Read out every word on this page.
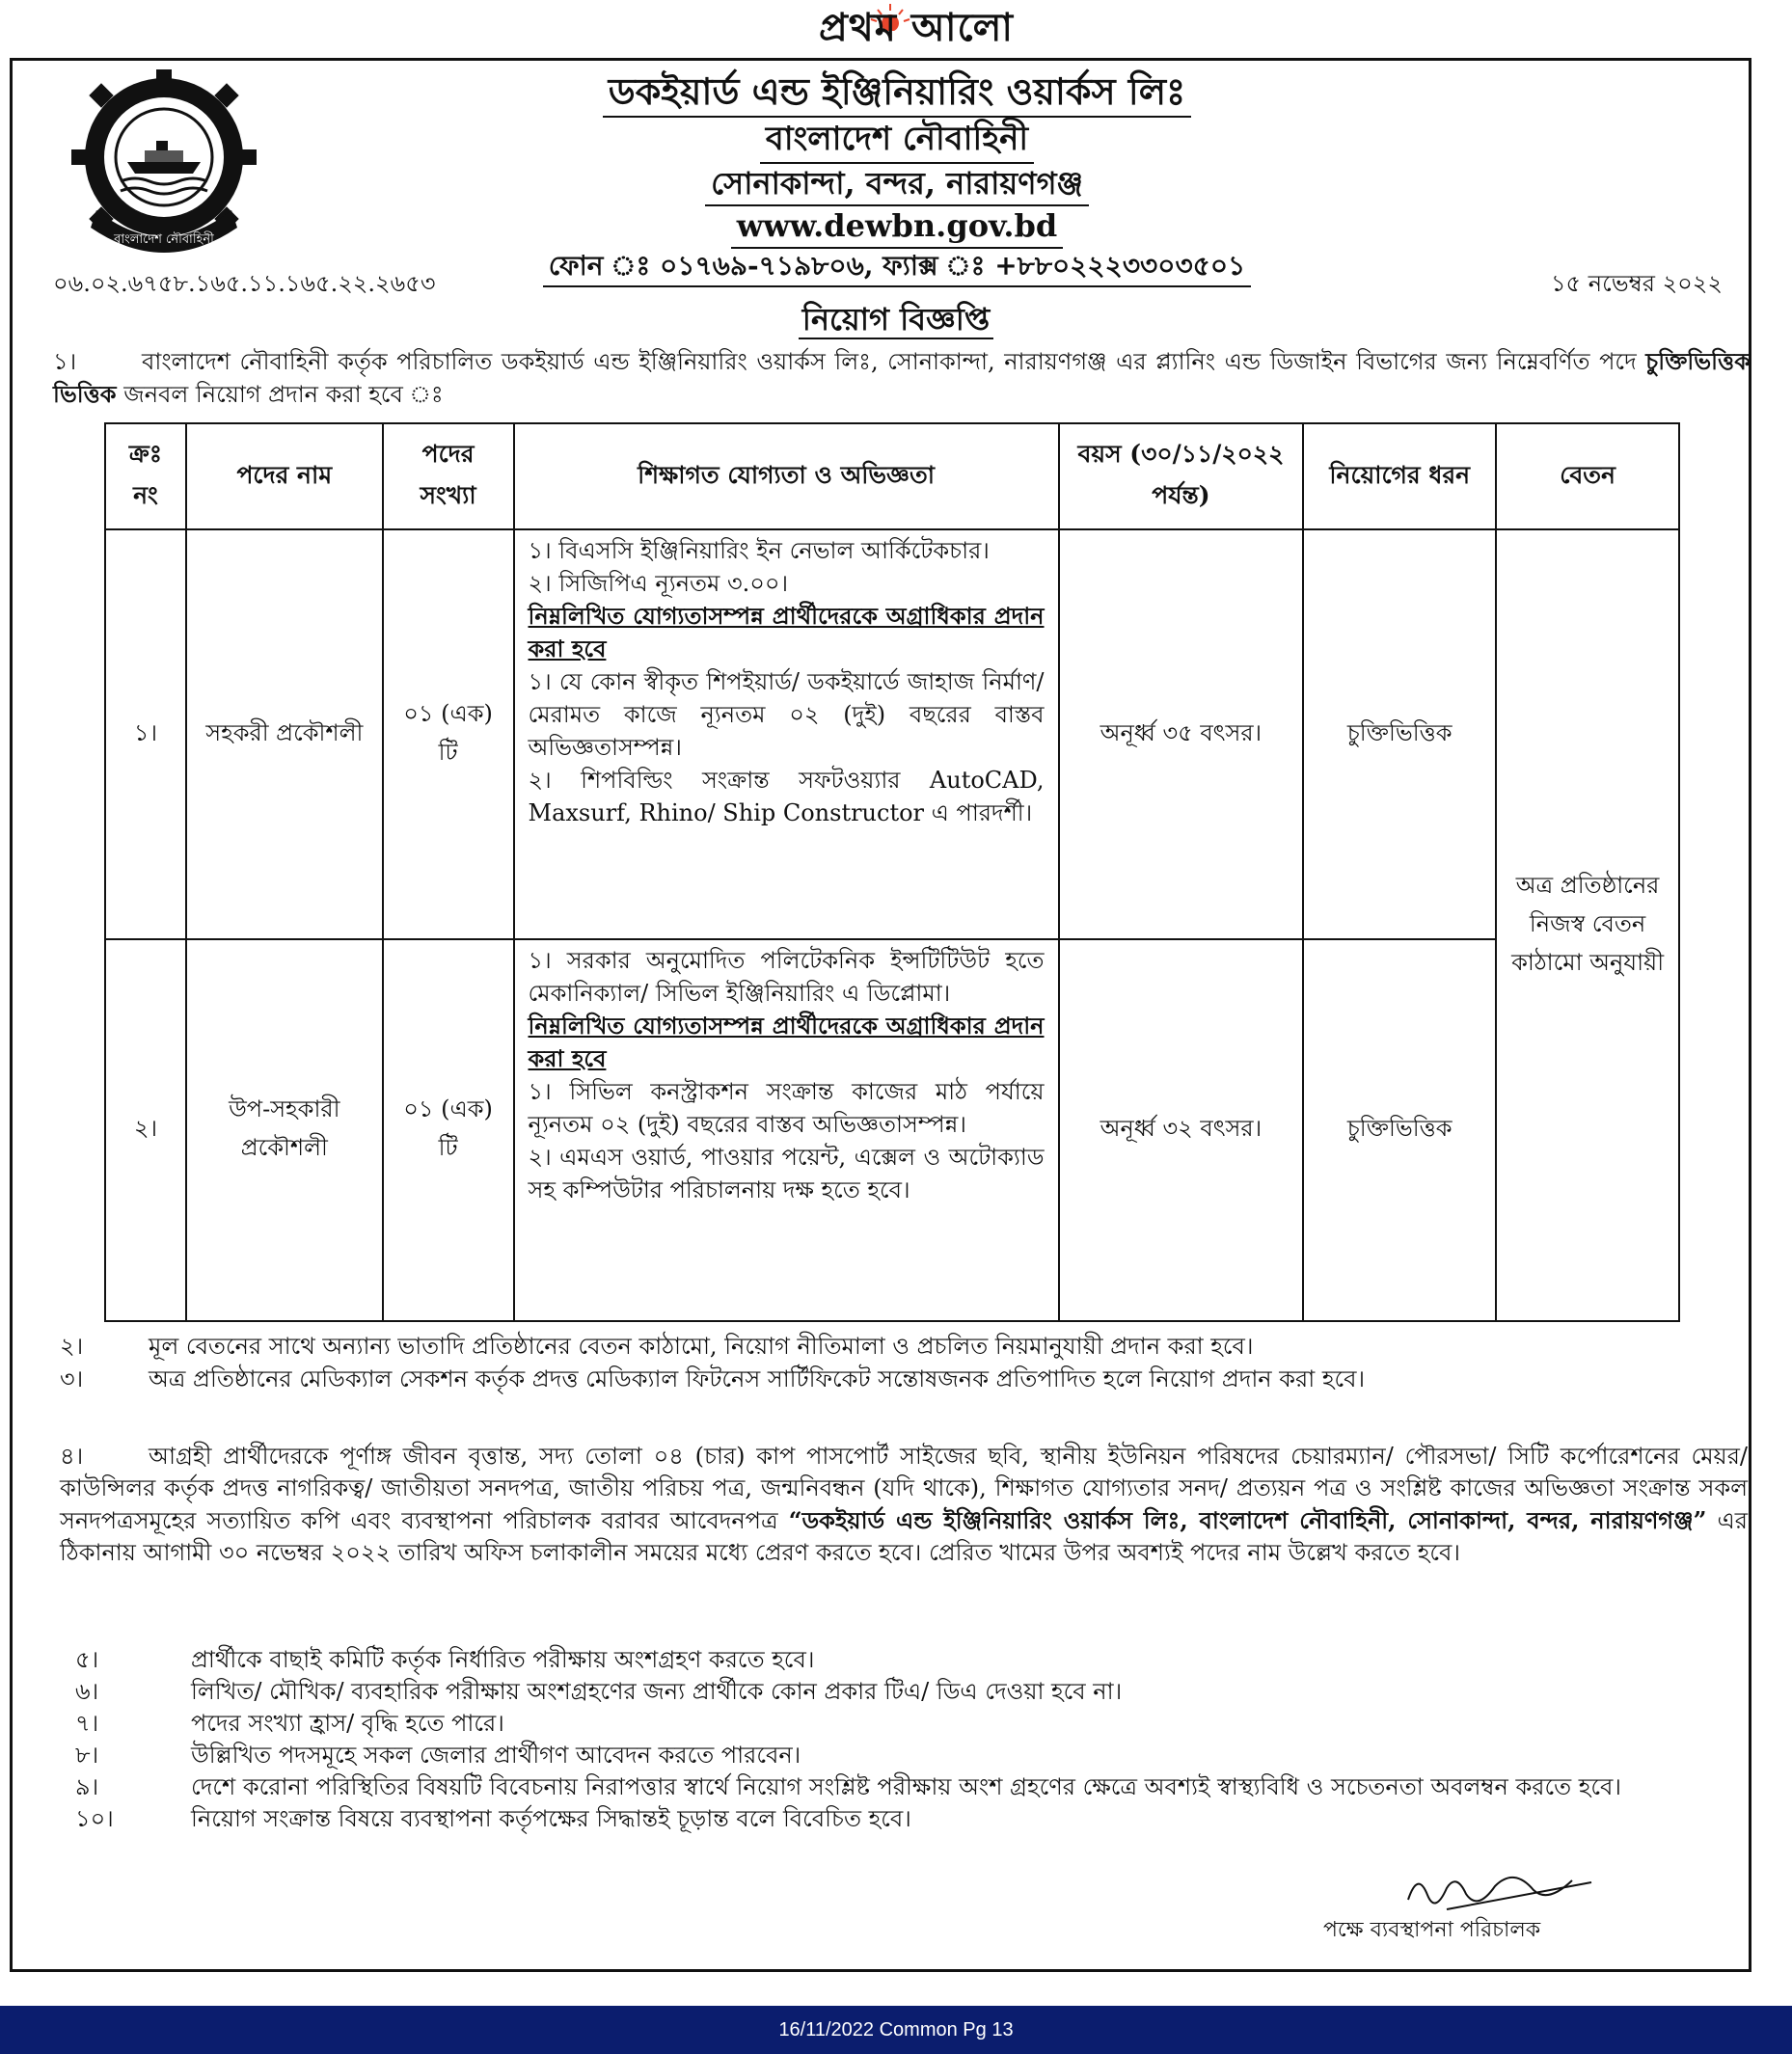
প্রথম আলো
বাংলাদেশ নৌবাহিনী
ডকইয়ার্ড এন্ড ইঞ্জিনিয়ারিং ওয়ার্কস লিঃ
বাংলাদেশ নৌবাহিনী
সোনাকান্দা, বন্দর, নারায়ণগঞ্জ
www.dewbn.gov.bd
ফোন ঃ ০১৭৬৯-৭১৯৮০৬, ফ্যাক্স ঃ +৮৮০২২২৩৩০৩৫০১
০৬.০২.৬৭৫৮.১৬৫.১১.১৬৫.২২.২৬৫৩	১৫ নভেম্বর ২০২২
নিয়োগ বিজ্ঞপ্তি
১।	বাংলাদেশ নৌবাহিনী কর্তৃক পরিচালিত ডকইয়ার্ড এন্ড ইঞ্জিনিয়ারিং ওয়ার্কস লিঃ, সোনাকান্দা, নারায়ণগঞ্জ এর প্ল্যানিং এন্ড ডিজাইন বিভাগের জন্য নিম্নেবর্ণিত পদে চুক্তিভিত্তিক ভিত্তিক জনবল নিয়োগ প্রদান করা হবে ঃ
ক্রঃ নং	পদের নাম	পদের সংখ্যা	শিক্ষাগত যোগ্যতা ও অভিজ্ঞতা	বয়স (৩০/১১/২০২২ পর্যন্ত)	নিয়োগের ধরন	বেতন
১।	সহকরী প্রকৌশলী	০১ (এক) টি	১। বিএসসি ইঞ্জিনিয়ারিং ইন নেভাল আর্কিটেকচার।
২। সিজিপিএ ন্যূনতম ৩.০০।
নিম্নলিখিত যোগ্যতাসম্পন্ন প্রার্থীদেরকে অগ্রাধিকার প্রদান করা হবে
১। যে কোন স্বীকৃত শিপইয়ার্ড/ ডকইয়ার্ডে জাহাজ নির্মাণ/মেরামত কাজে ন্যূনতম ০২ (দুই) বছরের বাস্তব অভিজ্ঞতাসম্পন্ন।
২। শিপবিল্ডিং সংক্রান্ত সফটওয়্যার AutoCAD, Maxsurf, Rhino/ Ship Constructor এ পারদর্শী।	অনূর্ধ্ব ৩৫ বৎসর।	চুক্তিভিত্তিক	অত্র প্রতিষ্ঠানের নিজস্ব বেতন কাঠামো অনুযায়ী
২।	উপ-সহকারী প্রকৌশলী	০১ (এক) টি	১। সরকার অনুমোদিত পলিটেকনিক ইন্সটিটিউট হতে মেকানিক্যাল/ সিভিল ইঞ্জিনিয়ারিং এ ডিপ্লোমা।
নিম্নলিখিত যোগ্যতাসম্পন্ন প্রার্থীদেরকে অগ্রাধিকার প্রদান করা হবে
১। সিভিল কনস্ট্রাকশন সংক্রান্ত কাজের মাঠ পর্যায়ে ন্যূনতম ০২ (দুই) বছরের বাস্তব অভিজ্ঞতাসম্পন্ন।
২। এমএস ওয়ার্ড, পাওয়ার পয়েন্ট, এক্সেল ও অটোক্যাড সহ কম্পিউটার পরিচালনায় দক্ষ হতে হবে।	অনূর্ধ্ব ৩২ বৎসর।	চুক্তিভিত্তিক	
২।	মূল বেতনের সাথে অন্যান্য ভাতাদি প্রতিষ্ঠানের বেতন কাঠামো, নিয়োগ নীতিমালা ও প্রচলিত নিয়মানুযায়ী প্রদান করা হবে।
৩।	অত্র প্রতিষ্ঠানের মেডিক্যাল সেকশন কর্তৃক প্রদত্ত মেডিক্যাল ফিটনেস সার্টিফিকেট সন্তোষজনক প্রতিপাদিত হলে নিয়োগ প্রদান করা হবে।
৪।	আগ্রহী প্রার্থীদেরকে পূর্ণাঙ্গ জীবন বৃত্তান্ত, সদ্য তোলা ০৪ (চার) কাপ পাসপোর্ট সাইজের ছবি, স্থানীয় ইউনিয়ন পরিষদের চেয়ারম্যান/ পৌরসভা/ সিটি কর্পোরেশনের মেয়র/ কাউন্সিলর কর্তৃক প্রদত্ত নাগরিকত্ব/ জাতীয়তা সনদপত্র, জাতীয় পরিচয় পত্র, জন্মনিবন্ধন (যদি থাকে), শিক্ষাগত যোগ্যতার সনদ/ প্রত্যয়ন পত্র ও সংশ্লিষ্ট কাজের অভিজ্ঞতা সংক্রান্ত সকল সনদপত্রসমূহের সত্যায়িত কপি এবং ব্যবস্থাপনা পরিচালক বরাবর আবেদনপত্র “ডকইয়ার্ড এন্ড ইঞ্জিনিয়ারিং ওয়ার্কস লিঃ, বাংলাদেশ নৌবাহিনী, সোনাকান্দা, বন্দর, নারায়ণগঞ্জ” এর ঠিকানায় আগামী ৩০ নভেম্বর ২০২২ তারিখ অফিস চলাকালীন সময়ের মধ্যে প্রেরণ করতে হবে। প্রেরিত খামের উপর অবশ্যই পদের নাম উল্লেখ করতে হবে।
৫।	প্রার্থীকে বাছাই কমিটি কর্তৃক নির্ধারিত পরীক্ষায় অংশগ্রহণ করতে হবে।
৬।	লিখিত/ মৌখিক/ ব্যবহারিক পরীক্ষায় অংশগ্রহণের জন্য প্রার্থীকে কোন প্রকার টিএ/ ডিএ দেওয়া হবে না।
৭।	পদের সংখ্যা হ্রাস/ বৃদ্ধি হতে পারে।
৮।	উল্লিখিত পদসমূহে সকল জেলার প্রার্থীগণ আবেদন করতে পারবেন।
৯।	দেশে করোনা পরিস্থিতির বিষয়টি বিবেচনায় নিরাপত্তার স্বার্থে নিয়োগ সংশ্লিষ্ট পরীক্ষায় অংশ গ্রহণের ক্ষেত্রে অবশ্যই স্বাস্থ্যবিধি ও সচেতনতা অবলম্বন করতে হবে।
১০।	নিয়োগ সংক্রান্ত বিষয়ে ব্যবস্থাপনা কর্তৃপক্ষের সিদ্ধান্তই চূড়ান্ত বলে বিবেচিত হবে।
পক্ষে ব্যবস্থাপনা পরিচালক
16/11/2022 Common Pg 13
